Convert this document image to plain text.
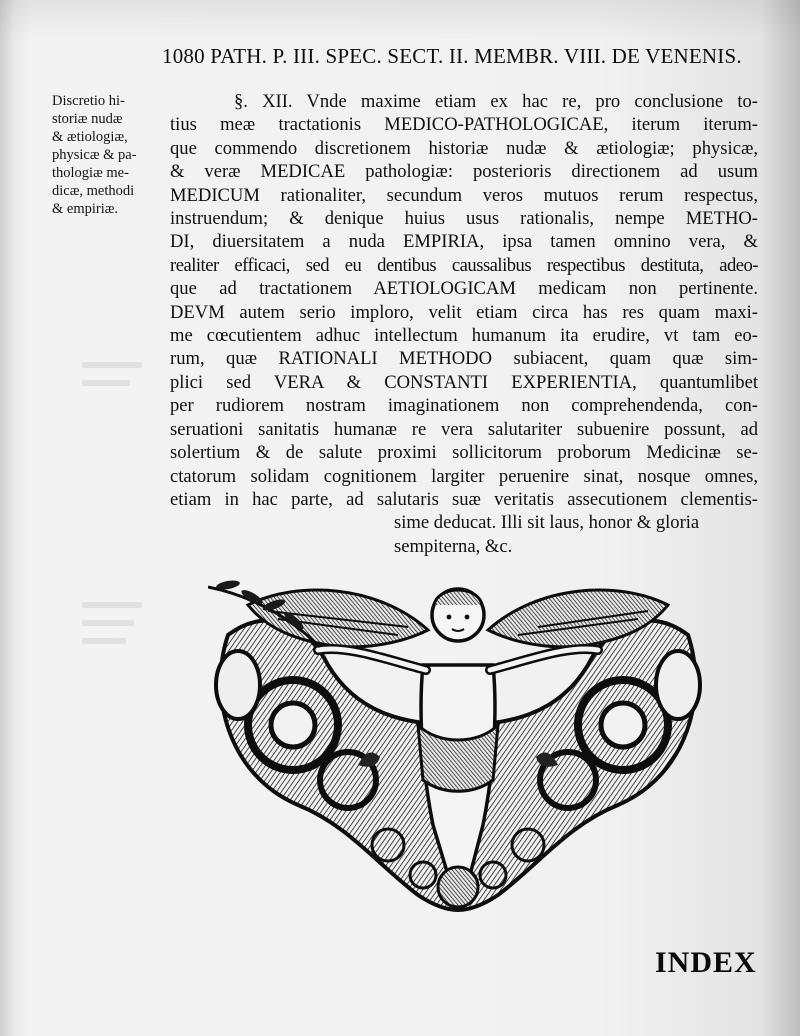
1080 PATH. P. III. SPEC. SECT. II. MEMBR. VIII. DE VENENIS.
Discretio hi-
storiæ nudæ
& ætiologiæ,
physicæ & pa-
thologiæ me-
dicæ, methodi
& empiriæ.
§. XII. Vnde maxime etiam ex hac re, pro conclusione to-
tius meæ tractationis MEDICO-PATHOLOGICAE, iterum iterum-
que commendo discretionem historiæ nudæ & ætiologiæ; physicæ,
& veræ MEDICAE pathologiæ: posterioris directionem ad usum
MEDICUM rationaliter, secundum veros mutuos rerum respectus,
instruendum; & denique huius usus rationalis, nempe METHO-
DI, diuersitatem a nuda EMPIRIA, ipsa tamen omnino vera, &
realiter efficaci, sed eu dentibus caussalibus respectibus destituta, adeo-
que ad tractationem AETIOLOGICAM medicam non pertinente.
DEVM autem serio imploro, velit etiam circa has res quam maxi-
me cœcutientem adhuc intellectum humanum ita erudire, vt tam eo-
rum, quæ RATIONALI METHODO subiacent, quam quæ sim-
plici sed VERA & CONSTANTI EXPERIENTIA, quantumlibet
per rudiorem nostram imaginationem non comprehendenda, con-
seruationi sanitatis humanæ re vera salutariter subuenire possunt, ad
solertium & de salute proximi sollicitorum proborum Medicinæ se-
ctatorum solidam cognitionem largiter peruenire sinat, nosque omnes,
etiam in hac parte, ad salutaris suæ veritatis assecutionem clementis-
sime deducat. Illi sit laus, honor & gloria
sempiterna, &c.
INDEX
